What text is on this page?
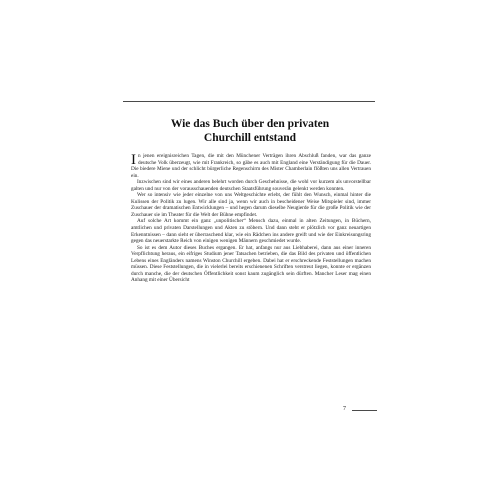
Wie das Buch über den privaten
Churchill entstand

In jenen ereignisreichen Tagen, die mit den Münchener Verträgen ihren Abschluß fanden, war das ganze deutsche Volk überzeugt, wie mit Frankreich, so gäbe es auch mit England eine Verständigung für die Dauer. Die biedere Miene und der schlicht bürgerliche Regenschirm des Mister Chamberlain flößten uns allen Vertrauen ein.

Inzwischen sind wir eines anderen belehrt worden durch Geschehnisse, die wohl vor kurzem als unvorstellbar galten und nur von der vorausschauenden deutschen Staatsführung souverän gelenkt werden konnten.

Wer so intensiv wie jeder einzelne von uns Weltgeschichte erlebt, der fühlt den Wunsch, einmal hinter die Kulissen der Politik zu lugen. Wir alle sind ja, wenn wir auch in bescheidener Weise Mitspieler sind, immer Zuschauer der dramatischen Entwicklungen – und hegen darum dieselbe Neugierde für die große Politik wie der Zuschauer sie im Theater für die Welt der Bühne empfindet.

Auf solche Art kommt ein ganz „unpolitischer“ Mensch dazu, einmal in alten Zeitungen, in Büchern, amtlichen und privaten Darstellungen und Akten zu stöbern. Und dann steht er plötzlich vor ganz neuartigen Erkenntnissen – dann sieht er überraschend klar, wie ein Rädchen ins andere greift und wie der Einkreisungsring gegen das neuerstarkte Reich von einigen wenigen Männern geschmiedet wurde.

So ist es dem Autor dieses Buches ergangen. Er hat, anfangs nur aus Liebhaberei, dann aus einer inneren Verpflichtung heraus, ein eifriges Studium jener Tatsachen betrieben, die das Bild des privaten und öffentlichen Lebens eines Engländers namens Winston Churchill ergeben. Dabei hat er erschreckende Feststellungen machen müssen. Diese Feststellungen, die in vielerlei bereits erschienenen Schriften verstreut liegen, konnte er ergänzen durch manche, die der deutschen Öffentlichkeit sonst kaum zugänglich sein dürften. Mancher Leser mag einen Anhang mit einer Übersicht

7
